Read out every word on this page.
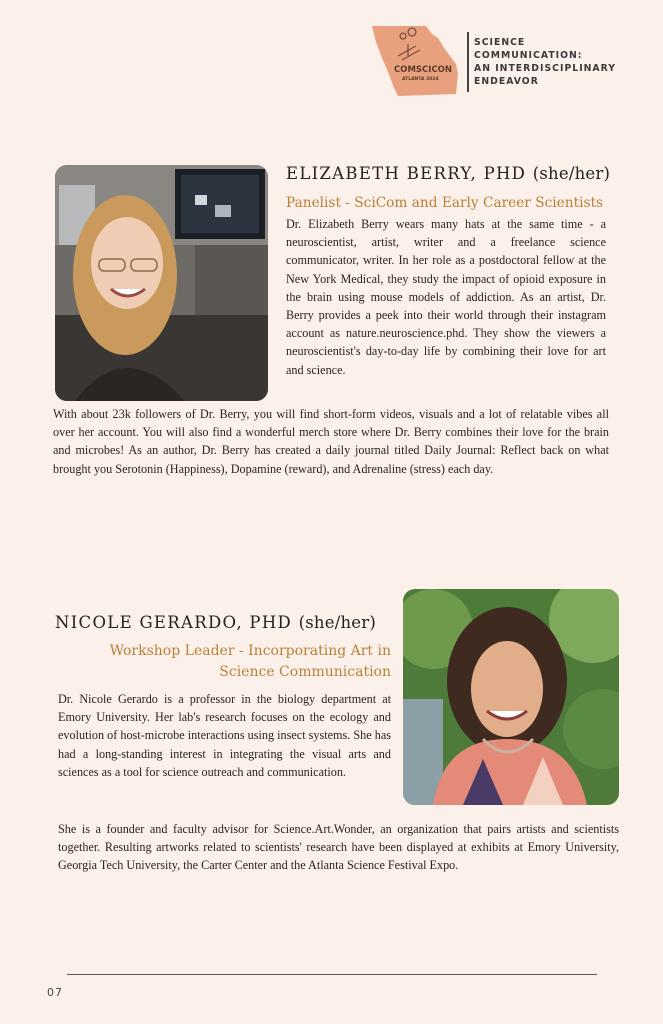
COMSCICON
ATLANTA 2024
SCIENCE
COMMUNICATION:
AN INTERDISCIPLINARY
ENDEAVOR
ELIZABETH BERRY, PHD (she/her)
Panelist - SciCom and Early Career Scientists
Dr. Elizabeth Berry wears many hats at the same time - a neuroscientist, artist, writer and a freelance science communicator, writer. In her role as a postdoctoral fellow at the New York Medical, they study the impact of opioid exposure in the brain using mouse models of addiction. As an artist, Dr. Berry provides a peek into their world through their instagram account as nature.neuroscience.phd. They show the viewers a neuroscientist's day-to-day life by combining their love for art and science.
With about 23k followers of Dr. Berry, you will find short-form videos, visuals and a lot of relatable vibes all over her account. You will also find a wonderful merch store where Dr. Berry combines their love for the brain and microbes! As an author, Dr. Berry has created a daily journal titled Daily Journal: Reflect back on what brought you Serotonin (Happiness), Dopamine (reward), and Adrenaline (stress) each day.
NICOLE GERARDO, PHD (she/her)
Workshop Leader - Incorporating Art in Science Communication
Dr. Nicole Gerardo is a professor in the biology department at Emory University. Her lab's research focuses on the ecology and evolution of host-microbe interactions using insect systems. She has had a long-standing interest in integrating the visual arts and sciences as a tool for science outreach and communication.
She is a founder and faculty advisor for Science.Art.Wonder, an organization that pairs artists and scientists together. Resulting artworks related to scientists' research have been displayed at exhibits at Emory University, Georgia Tech University, the Carter Center and the Atlanta Science Festival Expo.
07
